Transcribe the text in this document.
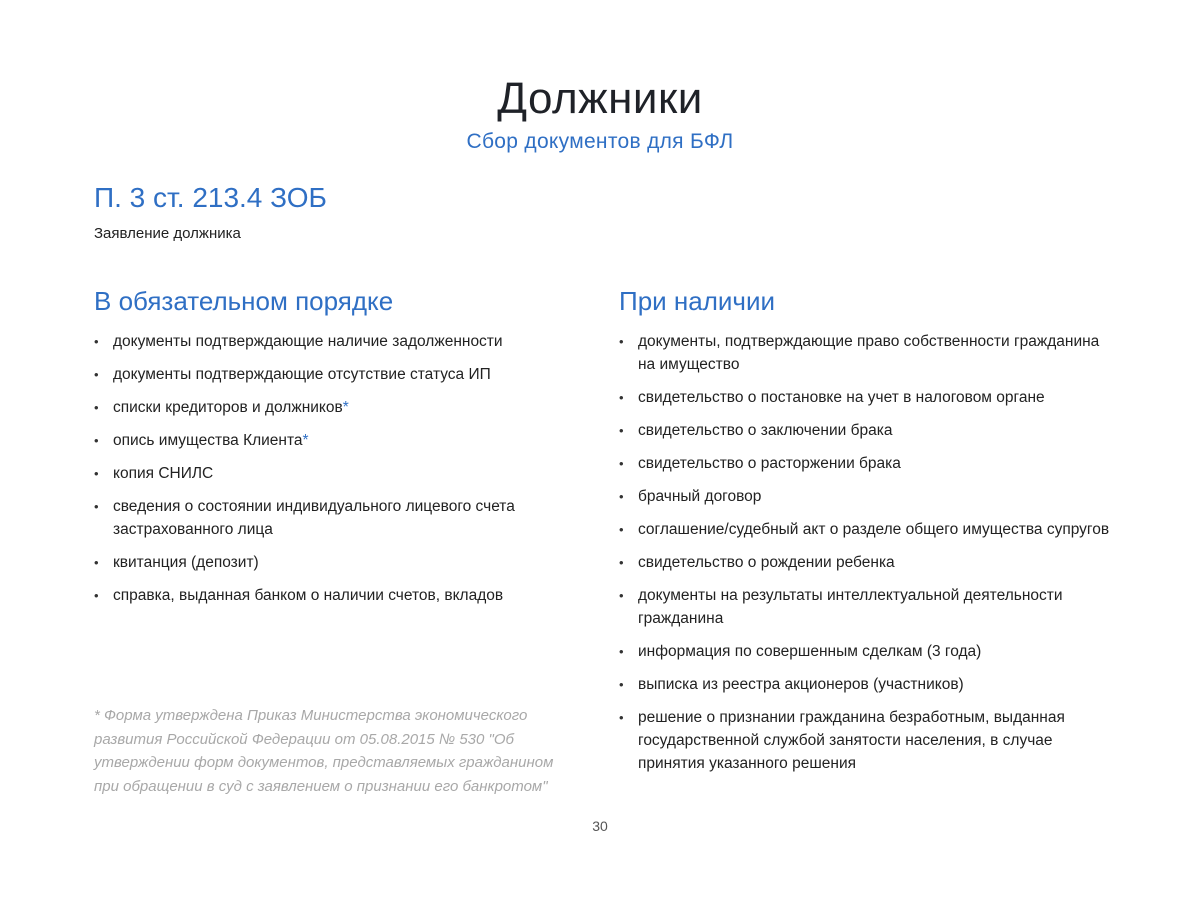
Должники
Сбор документов для БФЛ
П. 3 ст. 213.4 ЗОБ
Заявление должника
В обязательном порядке
• документы подтверждающие наличие задолженности
• документы подтверждающие отсутствие статуса ИП
• списки кредиторов и должников*
• опись имущества Клиента*
• копия СНИЛС
• сведения о состоянии индивидуального лицевого счета застрахованного лица
• квитанция (депозит)
• справка, выданная банком о наличии счетов, вкладов
При наличии
• документы, подтверждающие право собственности гражданина на имущество
• свидетельство о постановке на учет в налоговом органе
• свидетельство о заключении брака
• свидетельство о расторжении брака
• брачный договор
• соглашение/судебный акт о разделе общего имущества супругов
• свидетельство о рождении ребенка
• документы на результаты интеллектуальной деятельности гражданина
• информация по совершенным сделкам (3 года)
• выписка из реестра акционеров (участников)
• решение о признании гражданина безработным, выданная государственной службой занятости населения, в случае принятия указанного решения
* Форма утверждена Приказ Министерства экономического развития Российской Федерации от 05.08.2015 № 530 "Об утверждении форм документов, представляемых гражданином при обращении в суд с заявлением о признании его банкротом"
30
